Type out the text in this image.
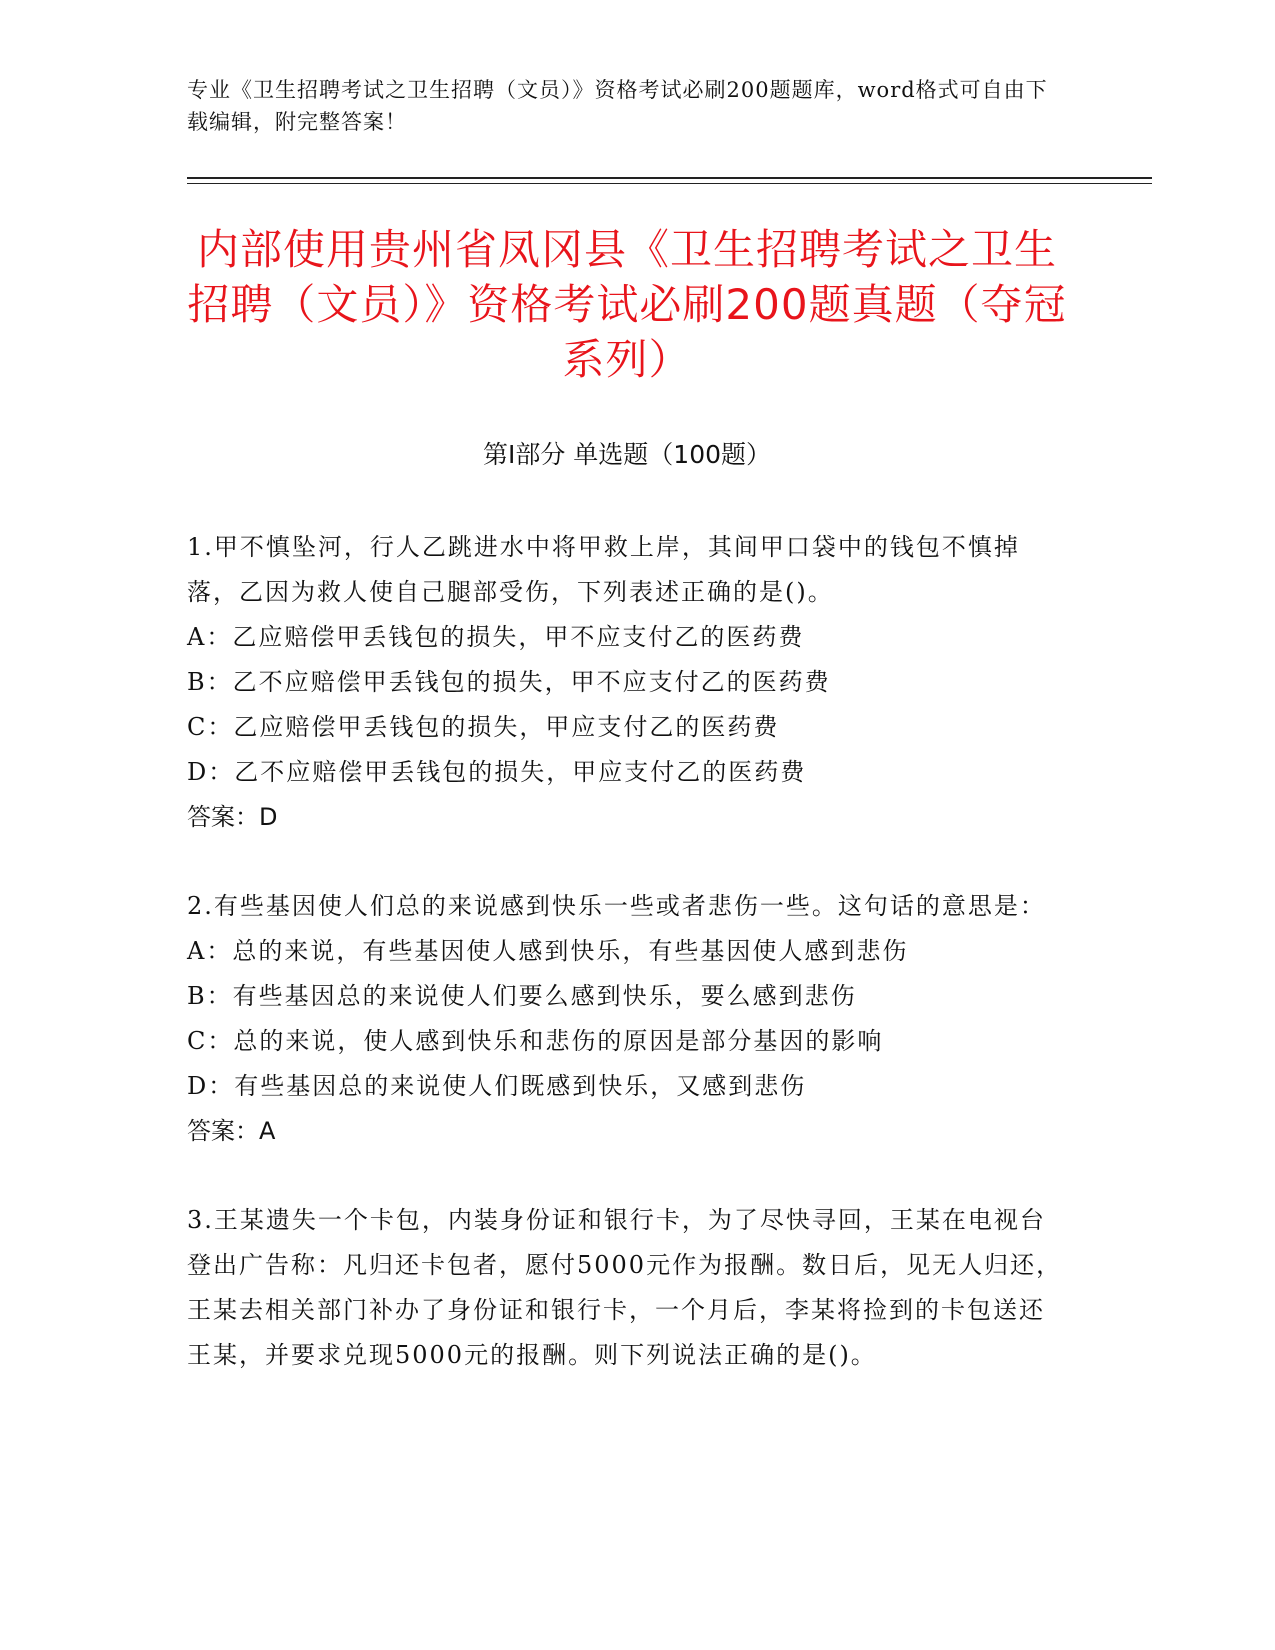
专业《卫生招聘考试之卫生招聘（文员）》资格考试必刷200题题库，word格式可自由下载编辑，附完整答案！
内部使用贵州省凤冈县《卫生招聘考试之卫生招聘（文员）》资格考试必刷200题真题（夺冠系列）
第I部分 单选题（100题）

1.甲不慎坠河，行人乙跳进水中将甲救上岸，其间甲口袋中的钱包不慎掉落，乙因为救人使自己腿部受伤，下列表述正确的是()。

A：乙应赔偿甲丢钱包的损失，甲不应支付乙的医药费

B：乙不应赔偿甲丢钱包的损失，甲不应支付乙的医药费

C：乙应赔偿甲丢钱包的损失，甲应支付乙的医药费

D：乙不应赔偿甲丢钱包的损失，甲应支付乙的医药费

答案：D

2.有些基因使人们总的来说感到快乐一些或者悲伤一些。这句话的意思是：

A：总的来说，有些基因使人感到快乐，有些基因使人感到悲伤

B：有些基因总的来说使人们要么感到快乐，要么感到悲伤

C：总的来说，使人感到快乐和悲伤的原因是部分基因的影响

D：有些基因总的来说使人们既感到快乐，又感到悲伤

答案：A

3.王某遗失一个卡包，内装身份证和银行卡，为了尽快寻回，王某在电视台登出广告称：凡归还卡包者，愿付5000元作为报酬。数日后，见无人归还，王某去相关部门补办了身份证和银行卡，一个月后，李某将捡到的卡包送还王某，并要求兑现5000元的报酬。则下列说法正确的是()。
